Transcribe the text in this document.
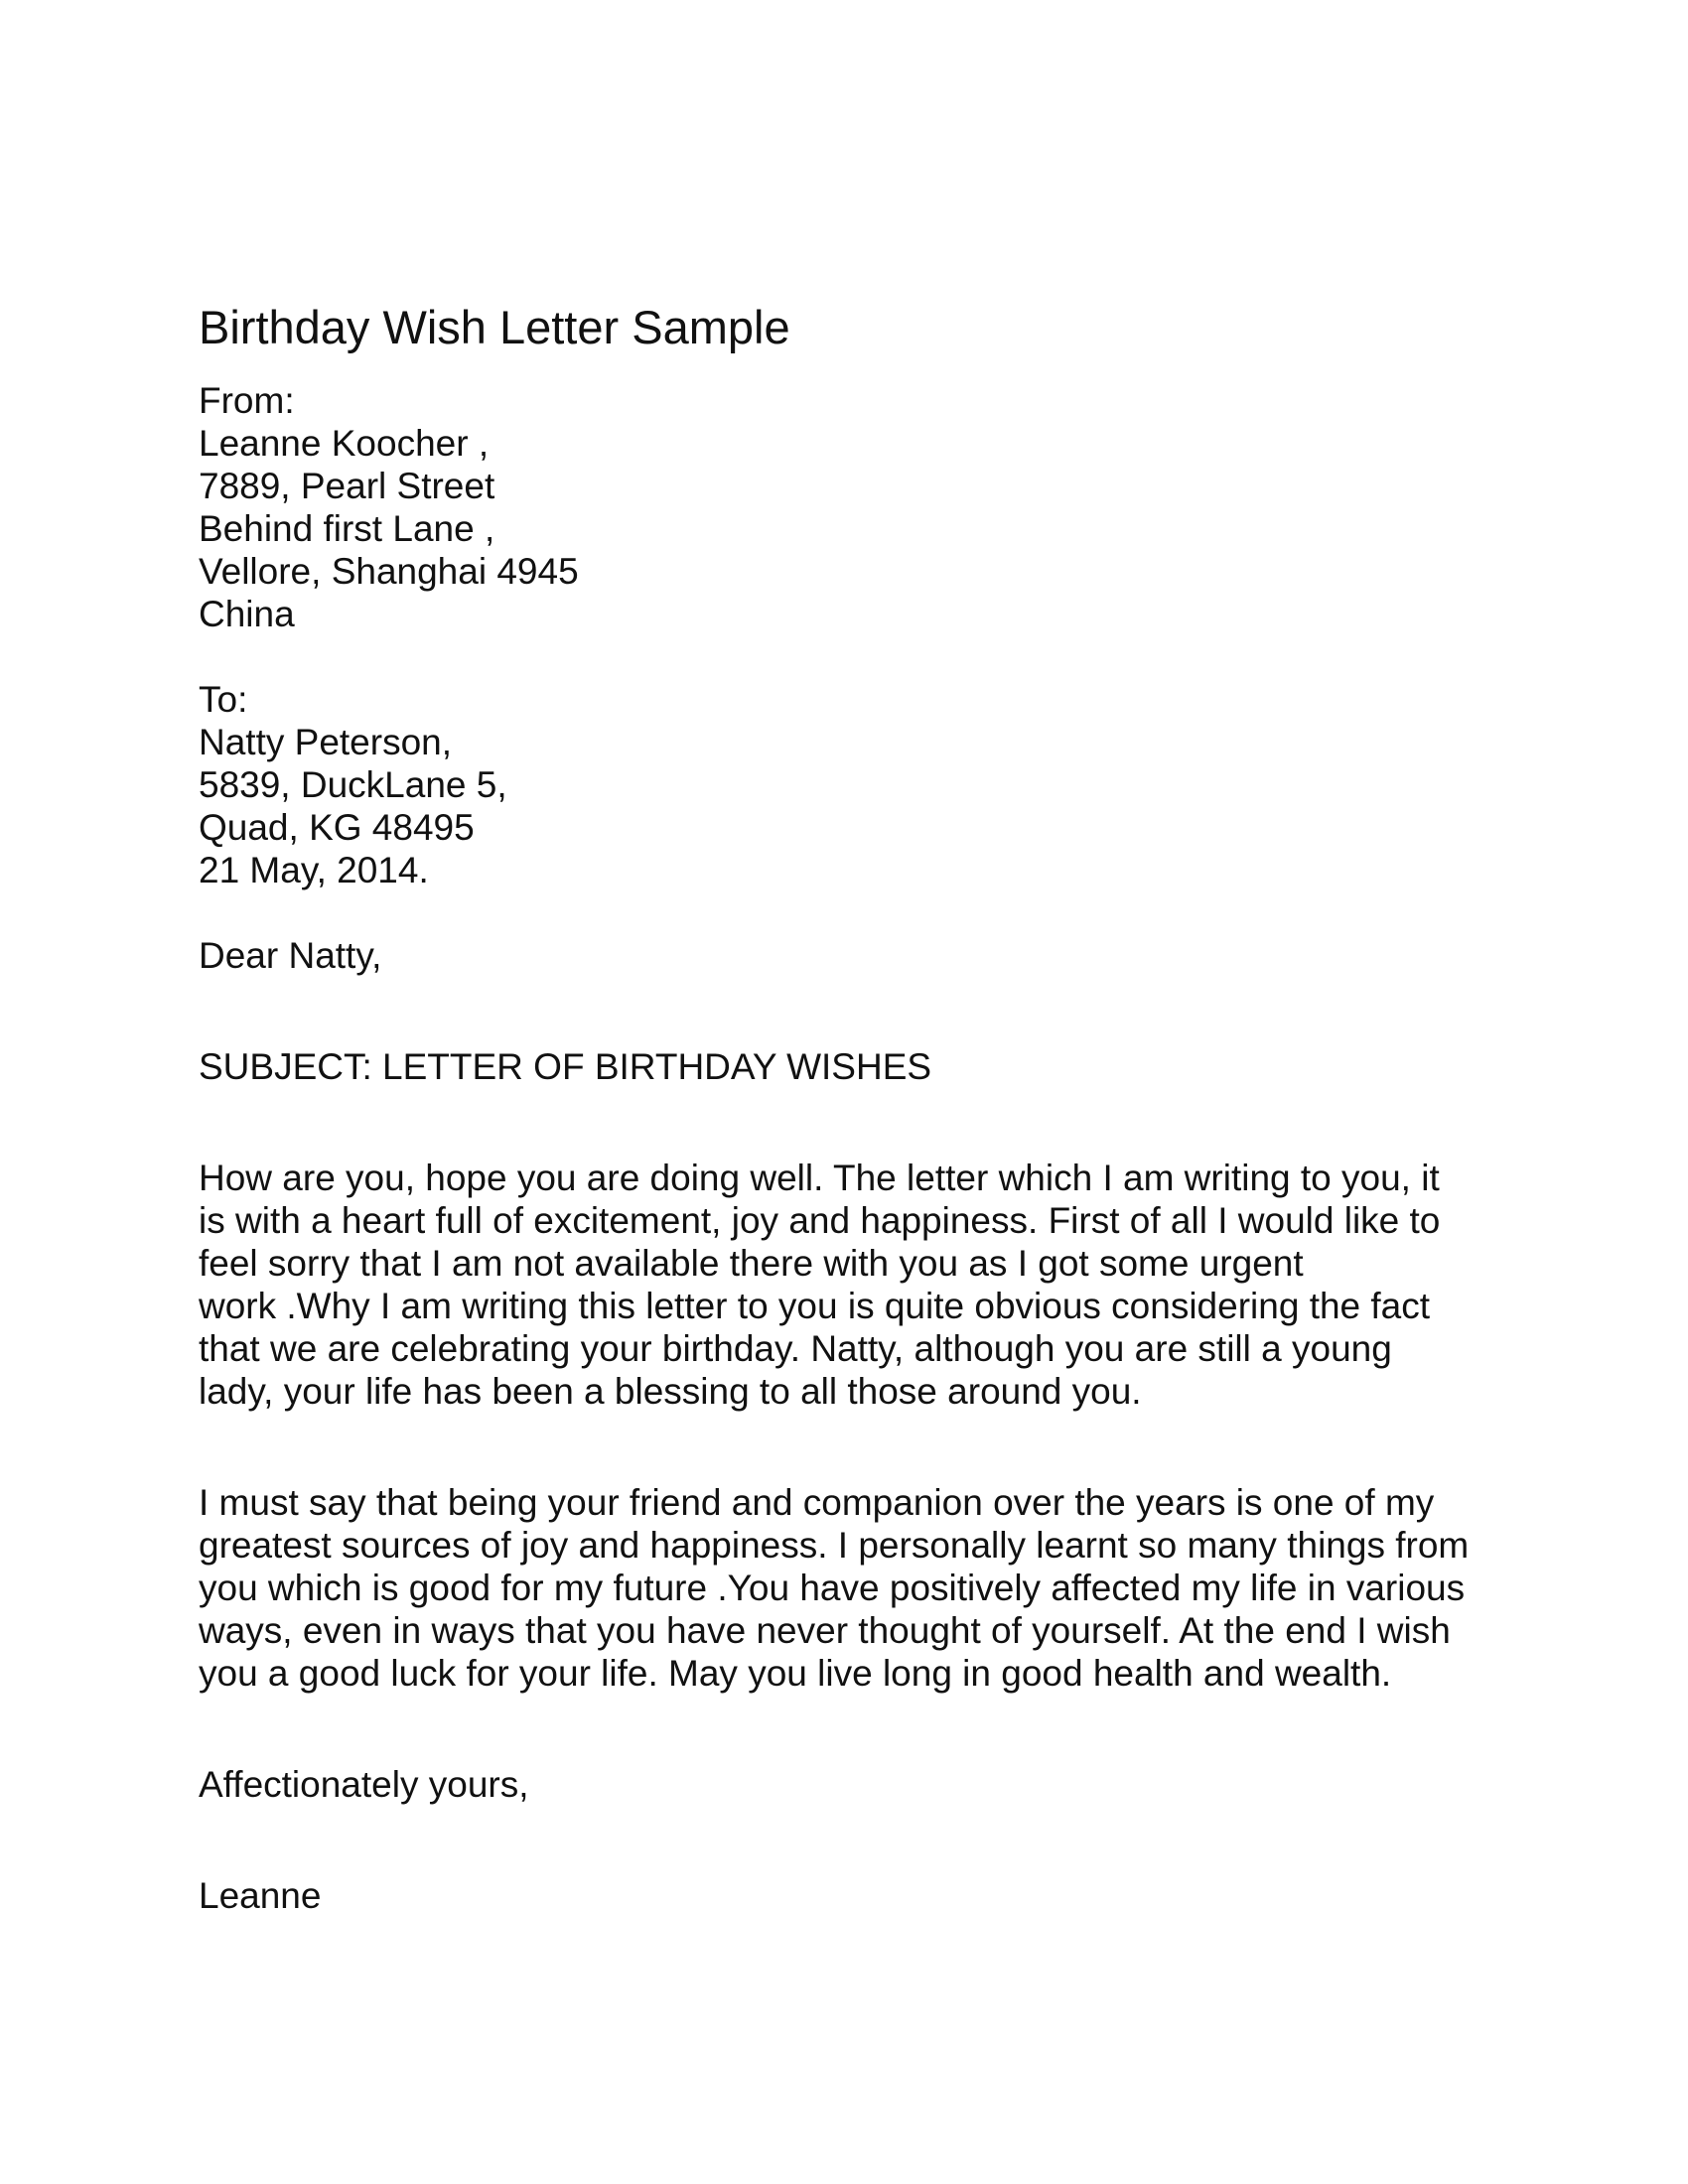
Birthday Wish Letter Sample
From:
Leanne Koocher ,
7889, Pearl Street
Behind first Lane ,
Vellore, Shanghai 4945
China
To:
Natty Peterson,
5839, DuckLane 5,
Quad, KG 48495
21 May, 2014.

Dear Natty,

SUBJECT: LETTER OF BIRTHDAY WISHES

How are you, hope you are doing well. The letter which I am writing to you, it
is with a heart full of excitement, joy and happiness. First of all I would like to
feel sorry that I am not available there with you as I got some urgent
work .Why I am writing this letter to you is quite obvious considering the fact
that we are celebrating your birthday. Natty, although you are still a young
lady, your life has been a blessing to all those around you.
I must say that being your friend and companion over the years is one of my
greatest sources of joy and happiness. I personally learnt so many things from
you which is good for my future .You have positively affected my life in various
ways, even in ways that you have never thought of yourself. At the end I wish
you a good luck for your life. May you live long in good health and wealth.

Affectionately yours,

Leanne
